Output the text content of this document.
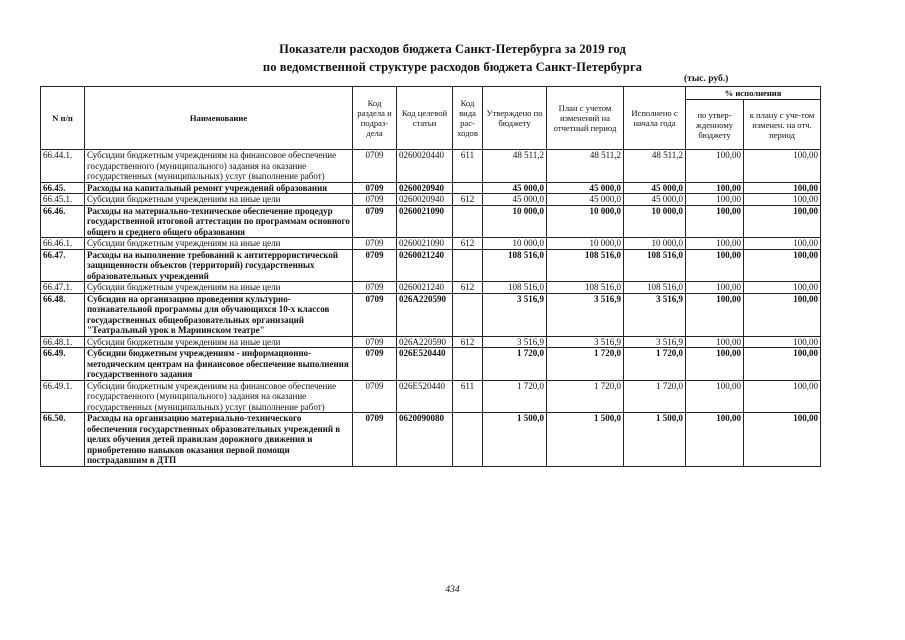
Показатели расходов бюджета Санкт-Петербурга за 2019 год
по ведомственной структуре расходов бюджета Санкт-Петербурга
(тыс. руб.)
N п/п	Наименование	Код раздела и подраз-дела	Код целевой статьи	Код вида рас-ходов	Утверждено по бюджету	План с учетом изменений на отчетный период	Исполнено с начала года	% исполнения	
								по утвер-жденному бюджету	к плану с уче-том изменен. на отч. период
66.44.1.	Субсидии бюджетным учреждениям на финансовое обеспечение государственного (муниципального) задания на оказание государственных (муниципальных) услуг (выполнение работ)	0709	0260020440	611	48 511,2	48 511,2	48 511,2	100,00	100,00
66.45.	Расходы на капитальный ремонт учреждений образования	0709	0260020940		45 000,0	45 000,0	45 000,0	100,00	100,00
66.45.1.	Субсидии бюджетным учреждениям на иные цели	0709	0260020940	612	45 000,0	45 000,0	45 000,0	100,00	100,00
66.46.	Расходы на материально-техническое обеспечение процедур государственной итоговой аттестации по программам основного общего и среднего общего образования	0709	0260021090		10 000,0	10 000,0	10 000,0	100,00	100,00
66.46.1.	Субсидии бюджетным учреждениям на иные цели	0709	0260021090	612	10 000,0	10 000,0	10 000,0	100,00	100,00
66.47.	Расходы на выполнение требований к антитеррористической защищенности объектов (территорий) государственных образовательных учреждений	0709	0260021240		108 516,0	108 516,0	108 516,0	100,00	100,00
66.47.1.	Субсидии бюджетным учреждениям на иные цели	0709	0260021240	612	108 516,0	108 516,0	108 516,0	100,00	100,00
66.48.	Субсидия на организацию проведения культурно-познавательной программы для обучающихся 10-х классов государственных общеобразовательных организаций "Театральный урок в Мариинском театре"	0709	026A220590		3 516,9	3 516,9	3 516,9	100,00	100,00
66.48.1.	Субсидии бюджетным учреждениям на иные цели	0709	026A220590	612	3 516,9	3 516,9	3 516,9	100,00	100,00
66.49.	Субсидии бюджетным учреждениям - информационно-методическим центрам на финансовое обеспечение выполнения государственного задания	0709	026E520440		1 720,0	1 720,0	1 720,0	100,00	100,00
66.49.1.	Субсидии бюджетным учреждениям на финансовое обеспечение государственного (муниципального) задания на оказание государственных (муниципальных) услуг (выполнение работ)	0709	026E520440	611	1 720,0	1 720,0	1 720,0	100,00	100,00
66.50.	Расходы на организацию материально-технического обеспечения государственных образовательных учреждений в целях обучения детей правилам дорожного движения и приобретению навыков оказания первой помощи пострадавшим в ДТП	0709	0620090080		1 500,0	1 500,0	1 500,0	100,00	100,00
434
